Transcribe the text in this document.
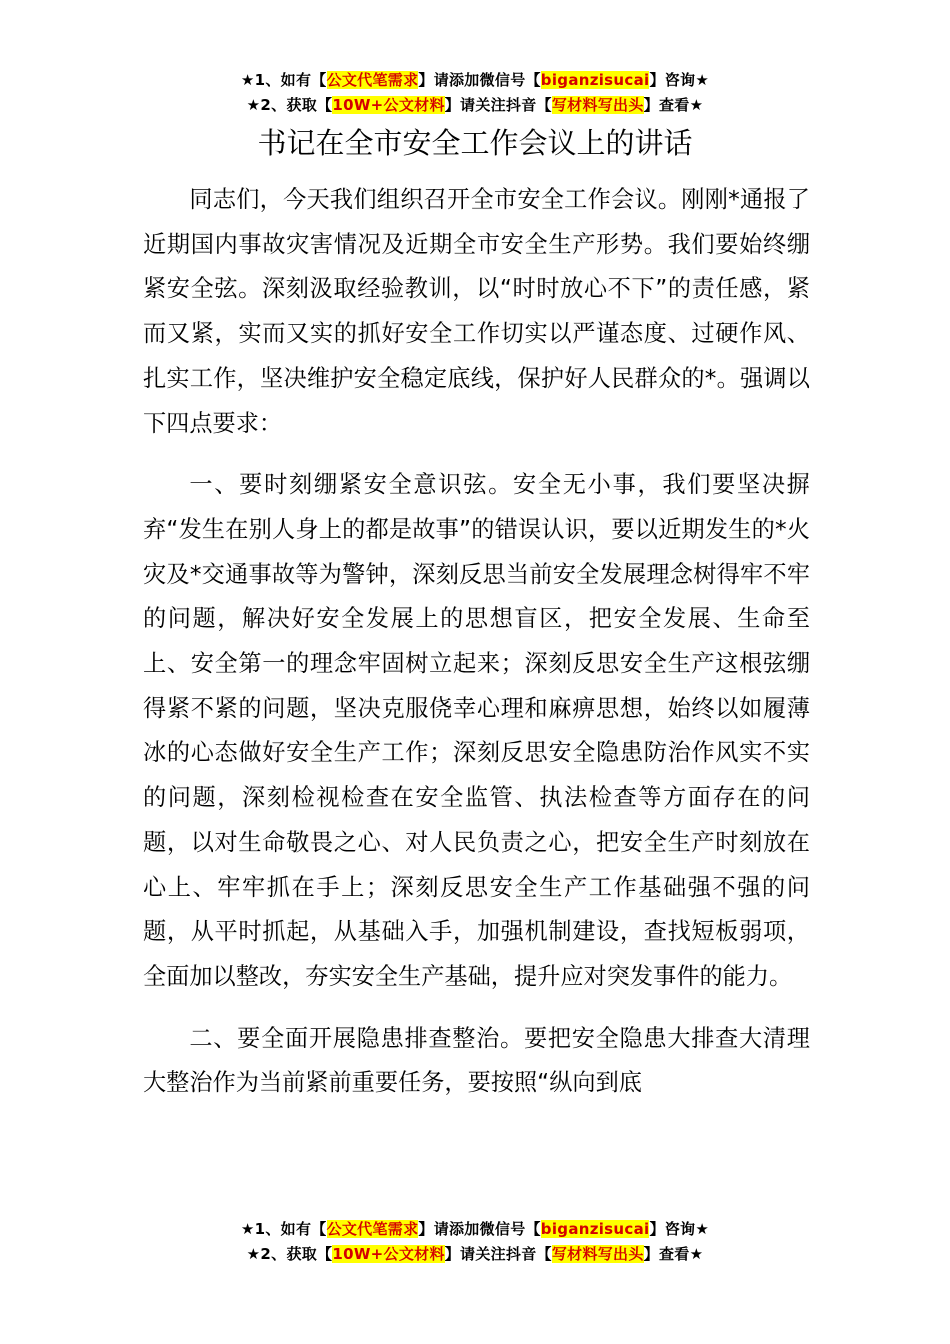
★1、如有【公文代笔需求】请添加微信号【biganzisucai】咨询★
★2、获取【10W+公文材料】请关注抖音【写材料写出头】查看★
书记在全市安全工作会议上的讲话

同志们，今天我们组织召开全市安全工作会议。刚刚*通报了近期国内事故灾害情况及近期全市安全生产形势。我们要始终绷紧安全弦。深刻汲取经验教训，以“时时放心不下”的责任感，紧而又紧，实而又实的抓好安全工作切实以严谨态度、过硬作风、扎实工作，坚决维护安全稳定底线，保护好人民群众的*。强调以下四点要求：

一、要时刻绷紧安全意识弦。安全无小事，我们要坚决摒弃“发生在别人身上的都是故事”的错误认识，要以近期发生的*火灾及*交通事故等为警钟，深刻反思当前安全发展理念树得牢不牢的问题，解决好安全发展上的思想盲区，把安全发展、生命至上、安全第一的理念牢固树立起来；深刻反思安全生产这根弦绷得紧不紧的问题，坚决克服侥幸心理和麻痹思想，始终以如履薄冰的心态做好安全生产工作；深刻反思安全隐患防治作风实不实的问题，深刻检视检查在安全监管、执法检查等方面存在的问题，以对生命敬畏之心、对人民负责之心，把安全生产时刻放在心上、牢牢抓在手上；深刻反思安全生产工作基础强不强的问题，从平时抓起，从基础入手，加强机制建设，查找短板弱项，全面加以整改，夯实安全生产基础，提升应对突发事件的能力。

二、要全面开展隐患排查整治。要把安全隐患大排查大清理大整治作为当前紧前重要任务，要按照“纵向到底

★1、如有【公文代笔需求】请添加微信号【biganzisucai】咨询★
★2、获取【10W+公文材料】请关注抖音【写材料写出头】查看★
